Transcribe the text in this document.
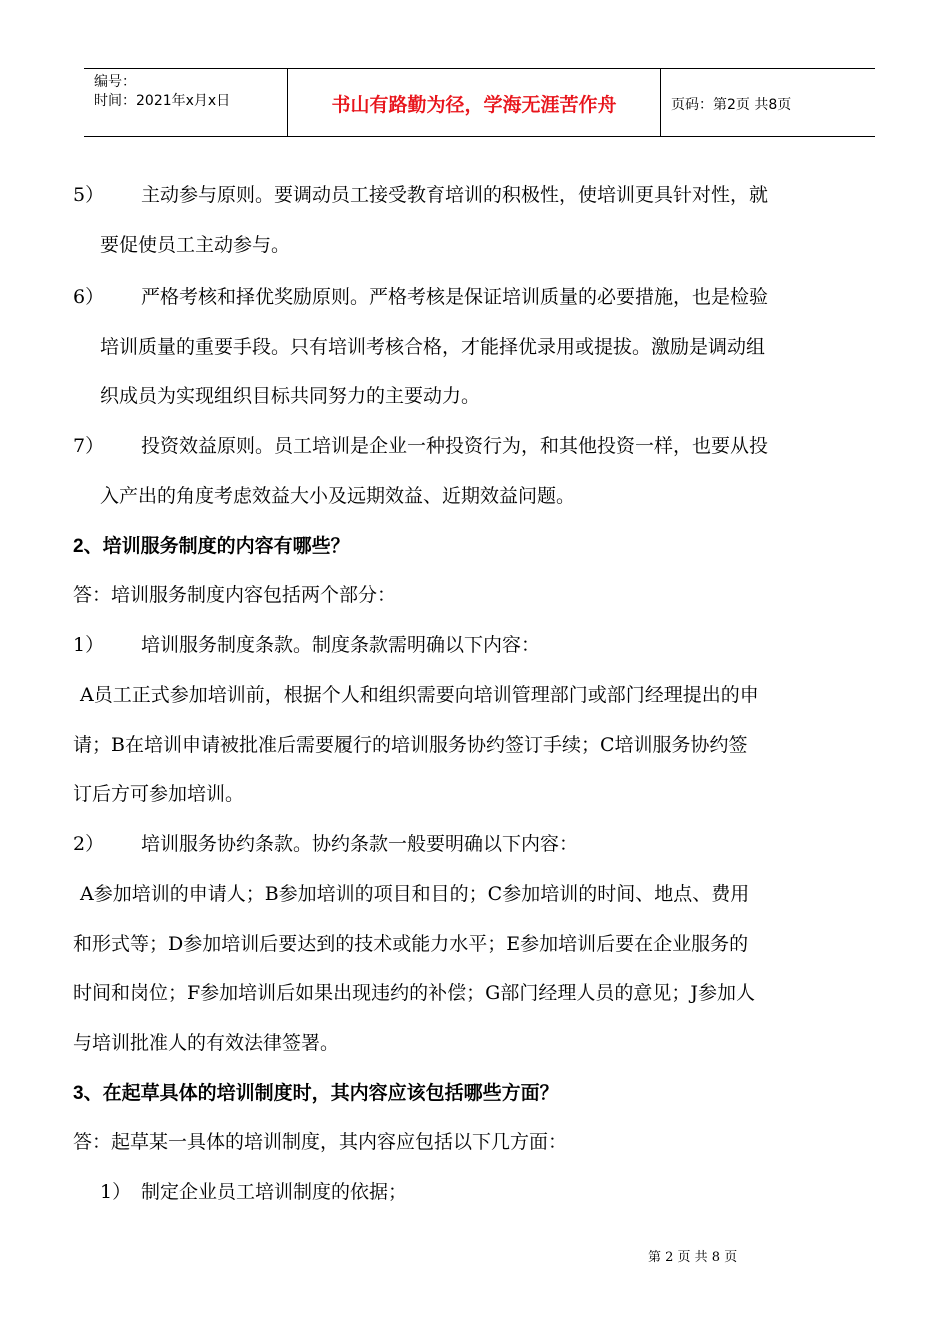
编号：
时间：2021年x月x日	书山有路勤为径，学海无涯苦作舟	页码：第2页 共8页
5） 主动参与原则。要调动员工接受教育培训的积极性，使培训更具针对性，就
要促使员工主动参与。
6） 严格考核和择优奖励原则。严格考核是保证培训质量的必要措施，也是检验
培训质量的重要手段。只有培训考核合格，才能择优录用或提拔。激励是调动组
织成员为实现组织目标共同努力的主要动力。
7） 投资效益原则。员工培训是企业一种投资行为，和其他投资一样，也要从投
入产出的角度考虑效益大小及远期效益、近期效益问题。
2、培训服务制度的内容有哪些？
答：培训服务制度内容包括两个部分：
1） 培训服务制度条款。制度条款需明确以下内容：
A员工正式参加培训前，根据个人和组织需要向培训管理部门或部门经理提出的申
请；B在培训申请被批准后需要履行的培训服务协约签订手续；C培训服务协约签
订后方可参加培训。
2） 培训服务协约条款。协约条款一般要明确以下内容：
A参加培训的申请人；B参加培训的项目和目的；C参加培训的时间、地点、费用
和形式等；D参加培训后要达到的技术或能力水平；E参加培训后要在企业服务的
时间和岗位；F参加培训后如果出现违约的补偿；G部门经理人员的意见；J参加人
与培训批准人的有效法律签署。
3、在起草具体的培训制度时，其内容应该包括哪些方面？
答：起草某一具体的培训制度，其内容应包括以下几方面：
1） 制定企业员工培训制度的依据；
第 2 页 共 8 页
